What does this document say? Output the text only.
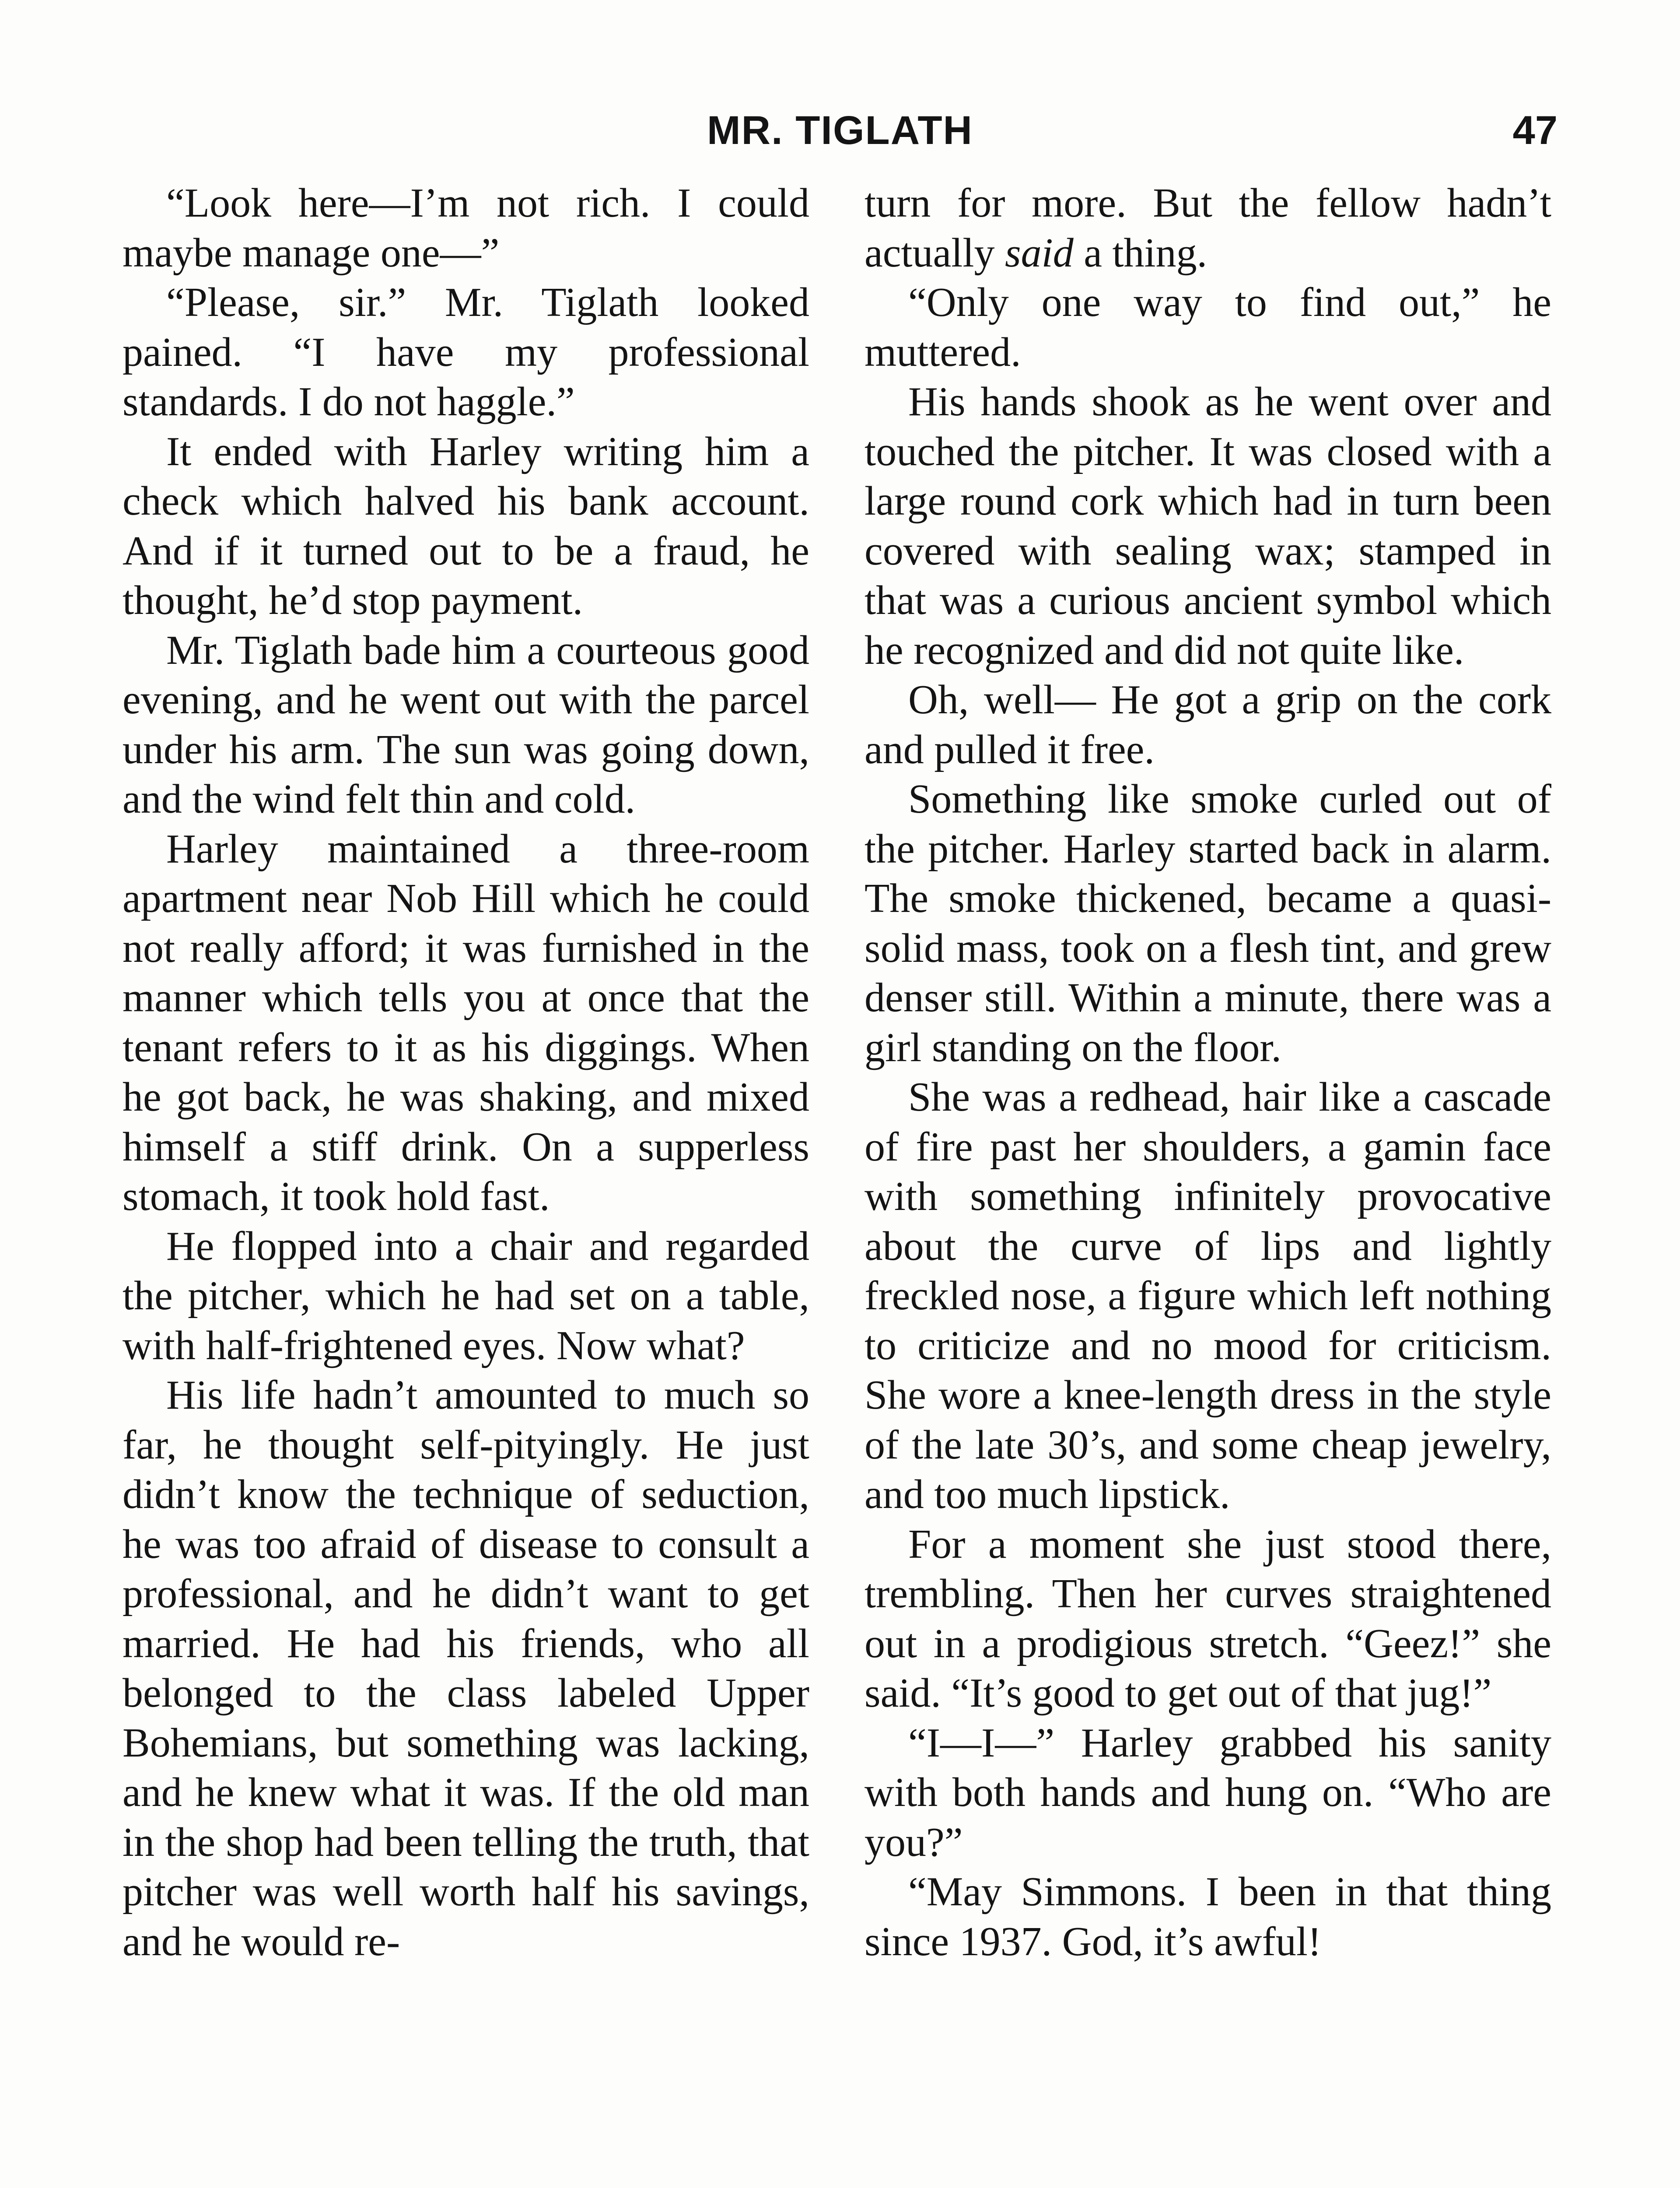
MR. TIGLATH	47

“Look here—I’m not rich. I could maybe manage one—”

“Please, sir.” Mr. Tiglath looked pained. “I have my professional standards. I do not haggle.”

It ended with Harley writing him a check which halved his bank account. And if it turned out to be a fraud, he thought, he’d stop payment.

Mr. Tiglath bade him a courteous good evening, and he went out with the parcel under his arm. The sun was going down, and the wind felt thin and cold.

Harley maintained a three-room apartment near Nob Hill which he could not really afford; it was furnished in the manner which tells you at once that the tenant refers to it as his diggings. When he got back, he was shaking, and mixed himself a stiff drink. On a supperless stomach, it took hold fast.

He flopped into a chair and regarded the pitcher, which he had set on a table, with half-frightened eyes. Now what?

His life hadn’t amounted to much so far, he thought self-pityingly. He just didn’t know the technique of seduction, he was too afraid of disease to consult a professional, and he didn’t want to get married. He had his friends, who all belonged to the class labeled Upper Bohemians, but something was lacking, and he knew what it was. If the old man in the shop had been telling the truth, that pitcher was well worth half his savings, and he would re-

turn for more. But the fellow hadn’t actually said a thing.

“Only one way to find out,” he muttered.

His hands shook as he went over and touched the pitcher. It was closed with a large round cork which had in turn been covered with sealing wax; stamped in that was a curious ancient symbol which he recognized and did not quite like.

Oh, well— He got a grip on the cork and pulled it free.

Something like smoke curled out of the pitcher. Harley started back in alarm. The smoke thickened, became a quasi-solid mass, took on a flesh tint, and grew denser still. Within a minute, there was a girl standing on the floor.

She was a redhead, hair like a cascade of fire past her shoulders, a gamin face with something infinitely provocative about the curve of lips and lightly freckled nose, a figure which left nothing to criticize and no mood for criticism. She wore a knee-length dress in the style of the late 30’s, and some cheap jewelry, and too much lipstick.

For a moment she just stood there, trembling. Then her curves straightened out in a prodigious stretch. “Geez!” she said. “It’s good to get out of that jug!”

“I—I—” Harley grabbed his sanity with both hands and hung on. “Who are you?”

“May Simmons. I been in that thing since 1937. God, it’s awful!
